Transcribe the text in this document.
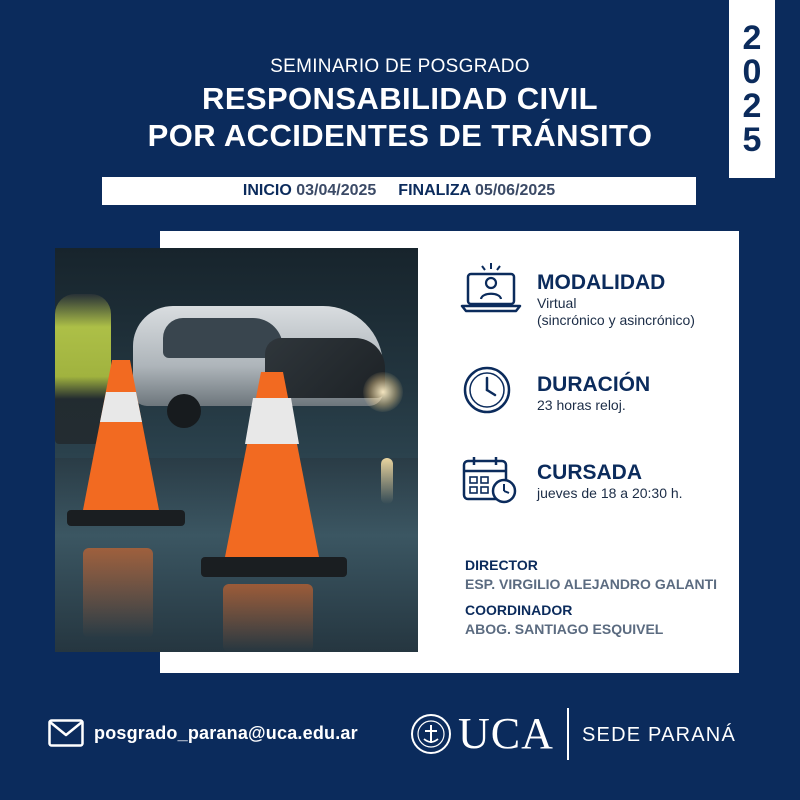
2
0
2
5
SEMINARIO DE POSGRADO
RESPONSABILIDAD CIVIL
POR ACCIDENTES DE TRÁNSITO
INICIO 03/04/2025 FINALIZA 05/06/2025
MODALIDAD
Virtual
(sincrónico y asincrónico)
DURACIÓN
23 horas reloj.
CURSADA
jueves de 18 a 20:30 h.
DIRECTOR
ESP. VIRGILIO ALEJANDRO GALANTI
COORDINADOR
ABOG. SANTIAGO ESQUIVEL
posgrado_parana@uca.edu.ar UCA SEDE PARANÁ
